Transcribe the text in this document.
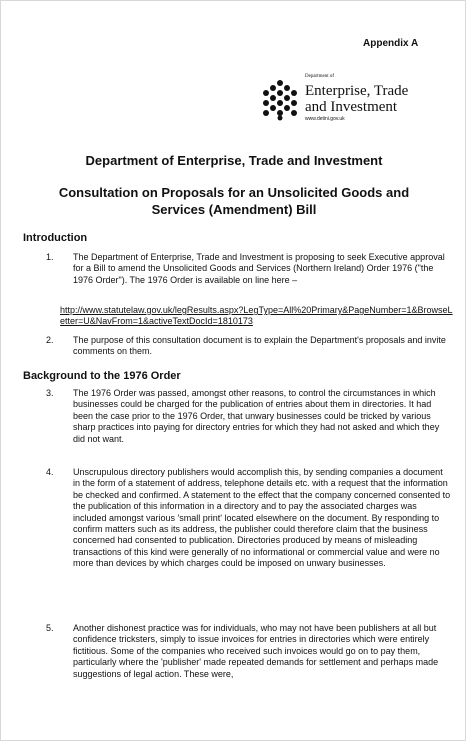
Appendix A
Department of
Enterprise, Trade
and Investment
www.detini.gov.uk
Department of Enterprise, Trade and Investment
Consultation on Proposals for an Unsolicited Goods and
Services (Amendment) Bill
Introduction
1.	The Department of Enterprise, Trade and Investment is proposing to seek Executive approval for a Bill to amend the Unsolicited Goods and Services (Northern Ireland) Order 1976 ("the 1976 Order"). The 1976 Order is available on line here –
http://www.statutelaw.gov.uk/legResults.aspx?LegType=All%20Primary&PageNumber=1&BrowseLetter=U&NavFrom=1&activeTextDocId=1810173
2.	The purpose of this consultation document is to explain the Department's proposals and invite comments on them.
Background to the 1976 Order
3.	The 1976 Order was passed, amongst other reasons, to control the circumstances in which businesses could be charged for the publication of entries about them in directories. It had been the case prior to the 1976 Order, that unwary businesses could be tricked by various sharp practices into paying for directory entries for which they had not asked and which they did not want.
4.	Unscrupulous directory publishers would accomplish this, by sending companies a document in the form of a statement of address, telephone details etc. with a request that the information be checked and confirmed. A statement to the effect that the company concerned consented to the publication of this information in a directory and to pay the associated charges was included amongst various 'small print' located elsewhere on the document. By responding to confirm matters such as its address, the publisher could therefore claim that the business concerned had consented to publication. Directories produced by means of misleading transactions of this kind were generally of no informational or commercial value and were no more than devices by which charges could be imposed on unwary businesses.
5.	Another dishonest practice was for individuals, who may not have been publishers at all but confidence tricksters, simply to issue invoices for entries in directories which were entirely fictitious. Some of the companies who received such invoices would go on to pay them, particularly where the 'publisher' made repeated demands for settlement and perhaps made suggestions of legal action. These were,
